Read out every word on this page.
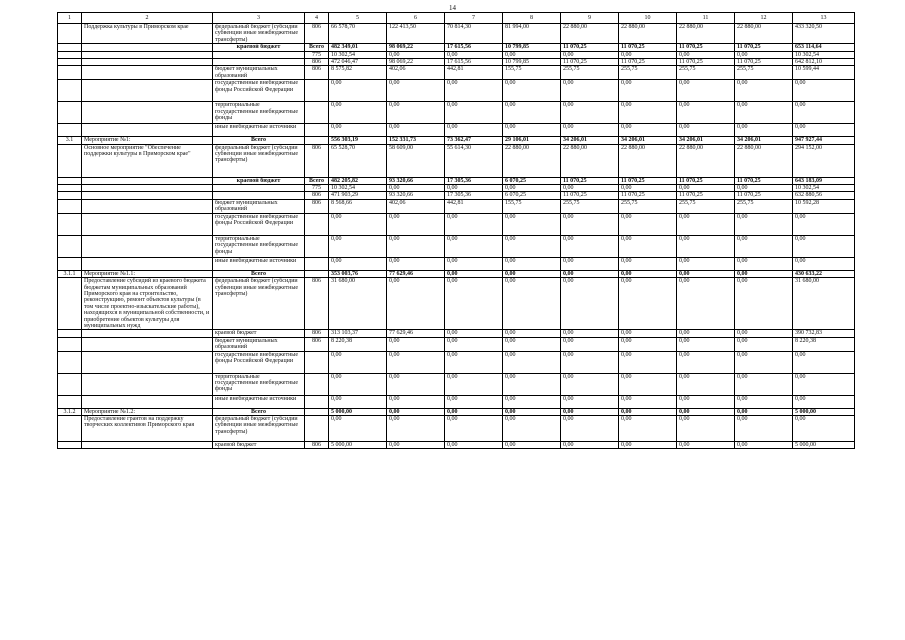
14
1	2	3	4	5	6	7	8	9	10	11	12	13
	Поддержка культуры в Приморском крае	федеральный бюджет (субсидии субвенции иные межбюджетные трансферты)	806	66 578,70	122 413,50	70 814,30	81 994,00	22 880,00	22 880,00	22 880,00	22 880,00	433 320,50
		краевой бюджет	Всего	482 349,01	98 069,22	17 615,56	10 799,85	11 070,25	11 070,25	11 070,25	11 070,25	653 114,64
			775	10 302,54	0,00	0,00	0,00	0,00	0,00	0,00	0,00	10 302,54
			806	472 046,47	98 069,22	17 615,56	10 799,85	11 070,25	11 070,25	11 070,25	11 070,25	642 812,10
		бюджет муниципальных образований	806	8 575,82	402,06	442,81	155,75	255,75	255,75	255,75	255,75	10 599,44
		государственные внебюджетные фонды Российской Федерации		0,00	0,00	0,00	0,00	0,00	0,00	0,00	0,00	0,00
		территориальные государственные внебюджетные фонды		0,00	0,00	0,00	0,00	0,00	0,00	0,00	0,00	0,00
		иные внебюджетные источники		0,00	0,00	0,00	0,00	0,00	0,00	0,00	0,00	0,00
3.1	Мероприятие №1:	Всего		556 303,19	152 331,73	73 362,47	29 106,01	34 206,01	34 206,01	34 206,01	34 206,01	947 927,44
	Основное мероприятие "Обеспечение поддержки культуры в Приморском крае"	федеральный бюджет (субсидии субвенции иные межбюджетные трансферты)	806	65 528,70	58 609,00	55 614,30	22 880,00	22 880,00	22 880,00	22 880,00	22 880,00	294 152,00
		краевой бюджет	Всего	482 205,82	93 320,66	17 305,36	6 070,25	11 070,25	11 070,25	11 070,25	11 070,25	643 183,09
			775	10 302,54	0,00	0,00	0,00	0,00	0,00	0,00	0,00	10 302,54
			806	471 903,29	93 320,66	17 305,36	6 070,25	11 070,25	11 070,25	11 070,25	11 070,25	632 880,56
		бюджет муниципальных образований	806	8 568,66	402,06	442,81	155,75	255,75	255,75	255,75	255,75	10 592,28
		государственные внебюджетные фонды Российской Федерации		0,00	0,00	0,00	0,00	0,00	0,00	0,00	0,00	0,00
		территориальные государственные внебюджетные фонды		0,00	0,00	0,00	0,00	0,00	0,00	0,00	0,00	0,00
		иные внебюджетные источники		0,00	0,00	0,00	0,00	0,00	0,00	0,00	0,00	0,00
3.1.1	Мероприятие №1.1:	Всего		353 003,76	77 629,46	0,00	0,00	0,00	0,00	0,00	0,00	430 633,22
	Предоставление субсидий из краевого бюджета бюджетам муниципальных образований Приморского края на строительство, реконструкцию, ремонт объектов культуры (в том числе проектно-изыскательские работы), находящихся в муниципальной собственности, и приобретение объектов культуры для муниципальных нужд	федеральный бюджет (субсидии субвенции иные межбюджетные трансферты)	806	31 680,00	0,00	0,00	0,00	0,00	0,00	0,00	0,00	31 680,00
		краевой бюджет	806	313 103,37	77 629,46	0,00	0,00	0,00	0,00	0,00	0,00	390 732,83
		бюджет муниципальных образований	806	8 220,38	0,00	0,00	0,00	0,00	0,00	0,00	0,00	8 220,38
		государственные внебюджетные фонды Российской Федерации		0,00	0,00	0,00	0,00	0,00	0,00	0,00	0,00	0,00
		территориальные государственные внебюджетные фонды		0,00	0,00	0,00	0,00	0,00	0,00	0,00	0,00	0,00
		иные внебюджетные источники		0,00	0,00	0,00	0,00	0,00	0,00	0,00	0,00	0,00
3.1.2	Мероприятие №1.2:	Всего		5 000,00	0,00	0,00	0,00	0,00	0,00	0,00	0,00	5 000,00
	Предоставление грантов на поддержку творческих коллективов Приморского края	федеральный бюджет (субсидии субвенции иные межбюджетные трансферты)		0,00	0,00	0,00	0,00	0,00	0,00	0,00	0,00	0,00
		краевой бюджет	806	5 000,00	0,00	0,00	0,00	0,00	0,00	0,00	0,00	5 000,00
